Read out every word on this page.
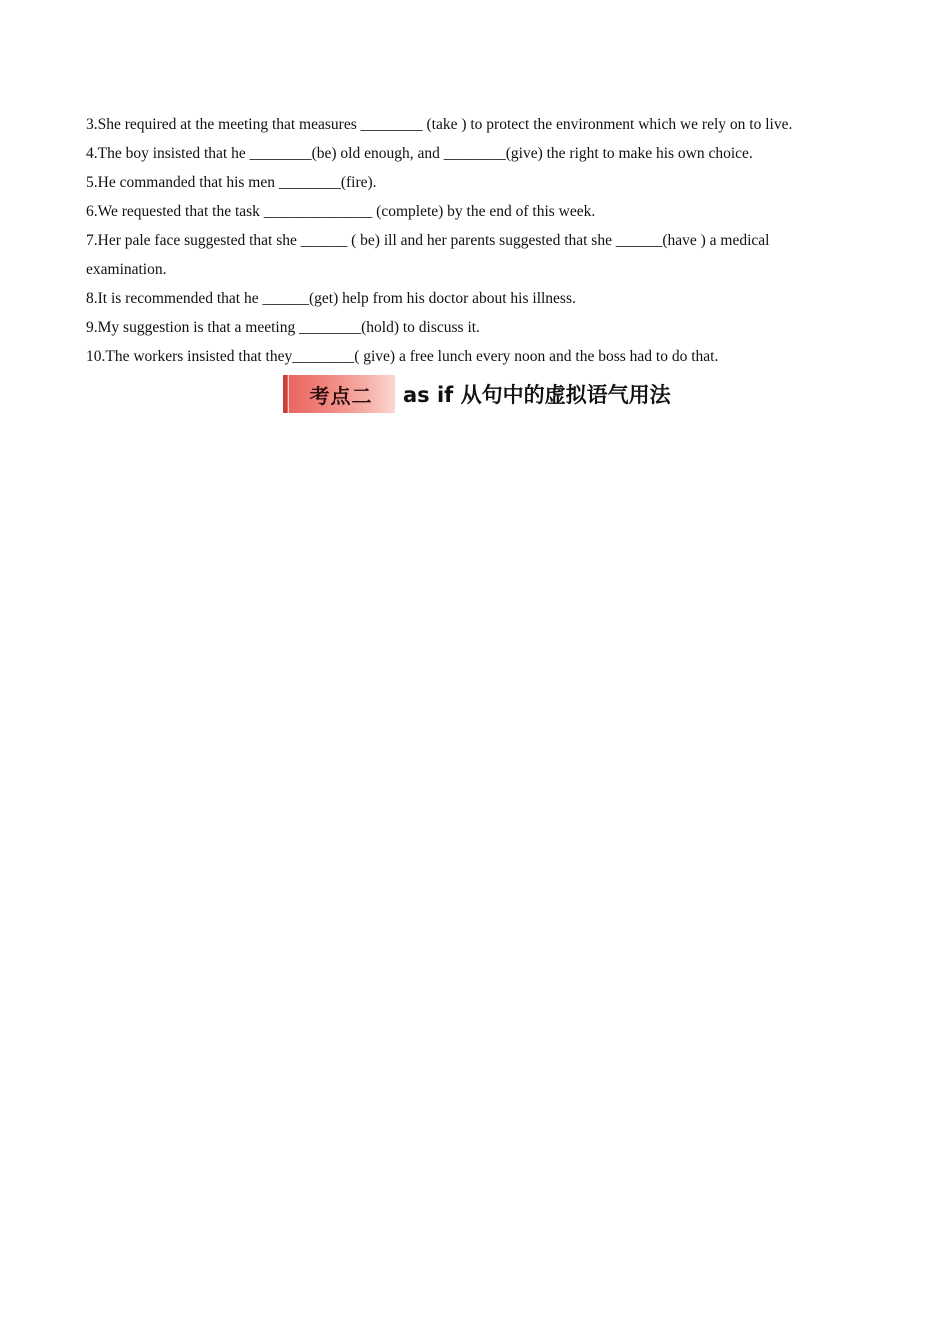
3.She required at the meeting that measures ________ (take ) to protect the environment which we rely on to live.
4.The boy insisted that he ________(be) old enough, and ________(give) the right to make his own choice.
5.He commanded that his men ________(fire).
6.We requested that the task ______________ (complete) by the end of this week.
7.Her pale face suggested that she ______ ( be) ill and her parents suggested that she ______(have ) a medical
examination.
8.It is recommended that he ______(get) help from his doctor about his illness.
9.My suggestion is that a meeting ________(hold) to discuss it.
10.The workers insisted that they________( give) a free lunch every noon and the boss had to do that.
考点二 as if 从句中的虚拟语气用法
